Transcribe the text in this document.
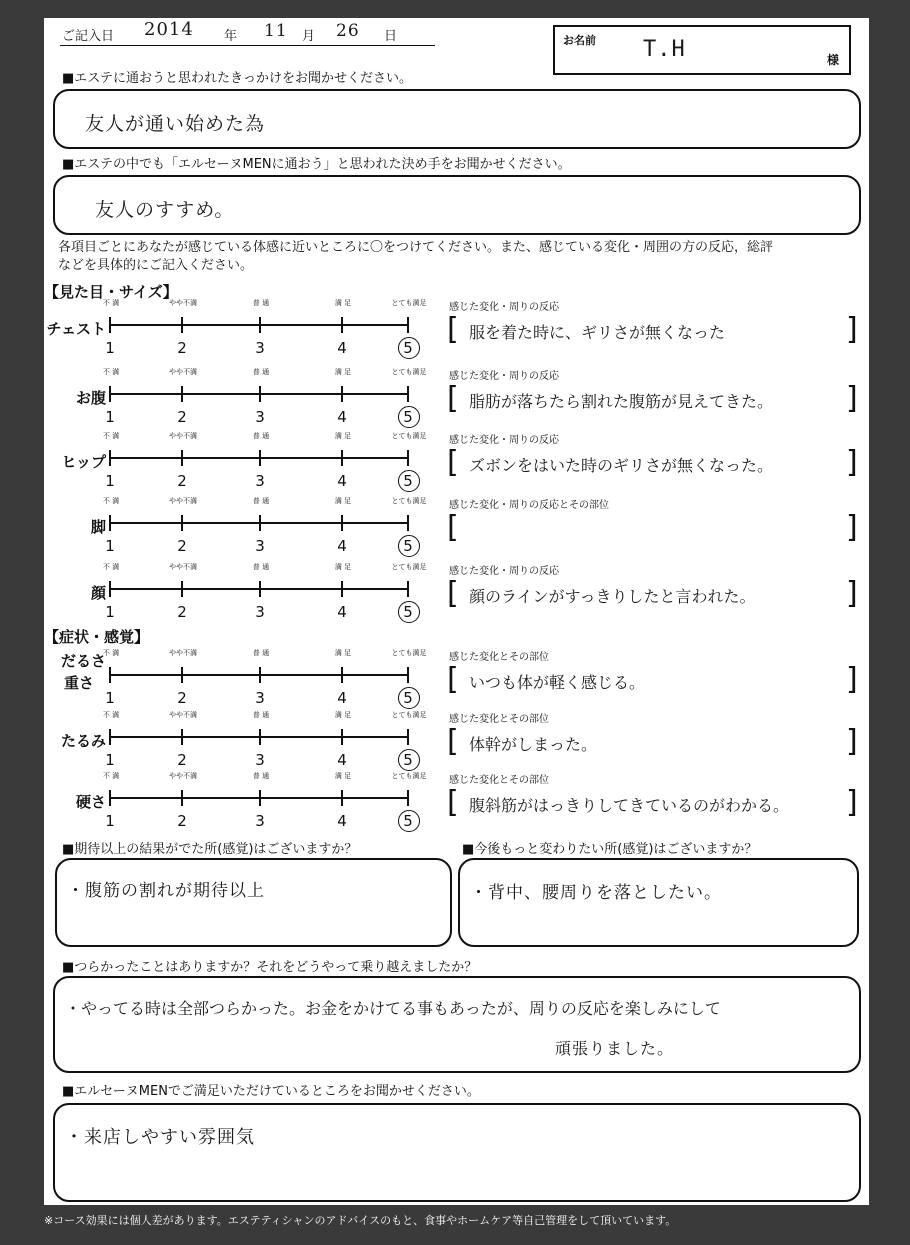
ご記入日 2014 年 11 月 26 日	お名前 T.H	様
■エステに通おうと思われたきっかけをお聞かせください。
友人が通い始めた為
■エステの中でも「エルセーヌMENに通おう」と思われた決め手をお聞かせください。
友人のすすめ。
各項目ごとにあなたが感じている体感に近いところに〇をつけてください。また、感じている変化・周囲の方の反応，総評
などを具体的にご記入ください。
【見た目・サイズ】
【症状・感覚】
不 満	やや不満	普 通	満 足	とても満足
1	2	3	4	5
チェスト
感じた変化・周りの反応
[	]
服を着た時に、ギリさが無くなった
不 満	やや不満	普 通	満 足	とても満足
1	2	3	4	5
お腹
感じた変化・周りの反応
[	]
脂肪が落ちたら割れた腹筋が見えてきた。
不 満	やや不満	普 通	満 足	とても満足
1	2	3	4	5
ヒップ
感じた変化・周りの反応
[	]
ズボンをはいた時のギリさが無くなった。
不 満	やや不満	普 通	満 足	とても満足
1	2	3	4	5
脚
感じた変化・周りの反応とその部位
[	]
不 満	やや不満	普 通	満 足	とても満足
1	2	3	4	5
顔
感じた変化・周りの反応
[	]
顔のラインがすっきりしたと言われた。
不 満	やや不満	普 通	満 足	とても満足
1	2	3	4	5
だるさ
重さ
感じた変化とその部位
[	]
いつも体が軽く感じる。
不 満	やや不満	普 通	満 足	とても満足
1	2	3	4	5
たるみ
感じた変化とその部位
[	]
体幹がしまった。
不 満	やや不満	普 通	満 足	とても満足
1	2	3	4	5
硬さ
感じた変化とその部位
[	]
腹斜筋がはっきりしてきているのがわかる。
■期待以上の結果がでた所(感覚)はございますか？
・腹筋の割れが期待以上
■今後もっと変わりたい所(感覚)はございますか？
・背中、腰周りを落としたい。
■つらかったことはありますか？それをどうやって乗り越えましたか？
・やってる時は全部つらかった。お金をかけてる事もあったが、周りの反応を楽しみにして
頑張りました。
■エルセーヌMENでご満足いただけているところをお聞かせください。
・来店しやすい雰囲気
※コース効果には個人差があります。エステティシャンのアドバイスのもと、食事やホームケア等自己管理をして頂いています。
